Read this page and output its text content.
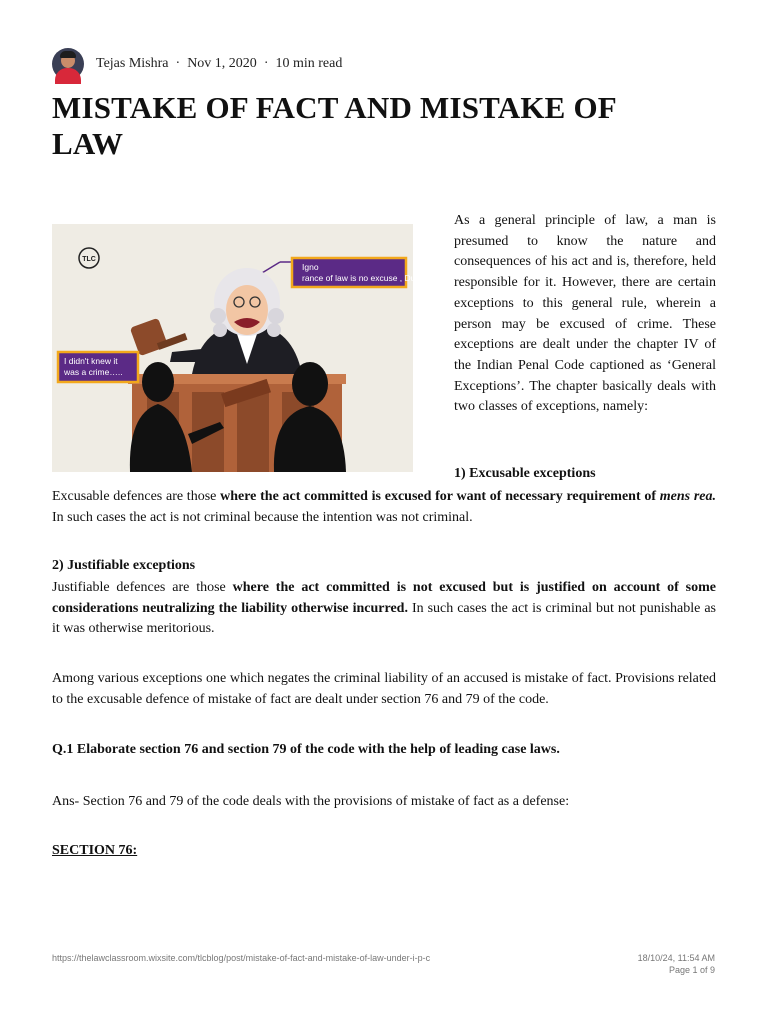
Tejas Mishra · Nov 1, 2020 · 10 min read
MISTAKE OF FACT AND MISTAKE OF LAW
TLC
Igno rance of law is no excuse , Dummy !
I didn't knew it was a crime…..

As a general principle of law, a man is presumed to know the nature and consequences of his act and is, therefore, held responsible for it. However, there are certain exceptions to this general rule, wherein a person may be excused of crime. These exceptions are dealt under the chapter IV of the Indian Penal Code captioned as ‘General Exceptions’. The chapter basically deals with two classes of exceptions, namely:

1) Excusable exceptions

Excusable defences are those where the act committed is excused for want of necessary requirement of mens rea. In such cases the act is not criminal because the intention was not criminal.

2) Justifiable exceptions

Justifiable defences are those where the act committed is not excused but is justified on account of some considerations neutralizing the liability otherwise incurred. In such cases the act is criminal but not punishable as it was otherwise meritorious.

Among various exceptions one which negates the criminal liability of an accused is mistake of fact. Provisions related to the excusable defence of mistake of fact are dealt under section 76 and 79 of the code.

Q.1 Elaborate section 76 and section 79 of the code with the help of leading case laws.

Ans- Section 76 and 79 of the code deals with the provisions of mistake of fact as a defense:

SECTION 76:
https://thelawclassroom.wixsite.com/tlcblog/post/mistake-of-fact-and-mistake-of-law-under-i-p-c	18/10/24, 11:54 AM
Page 1 of 9
